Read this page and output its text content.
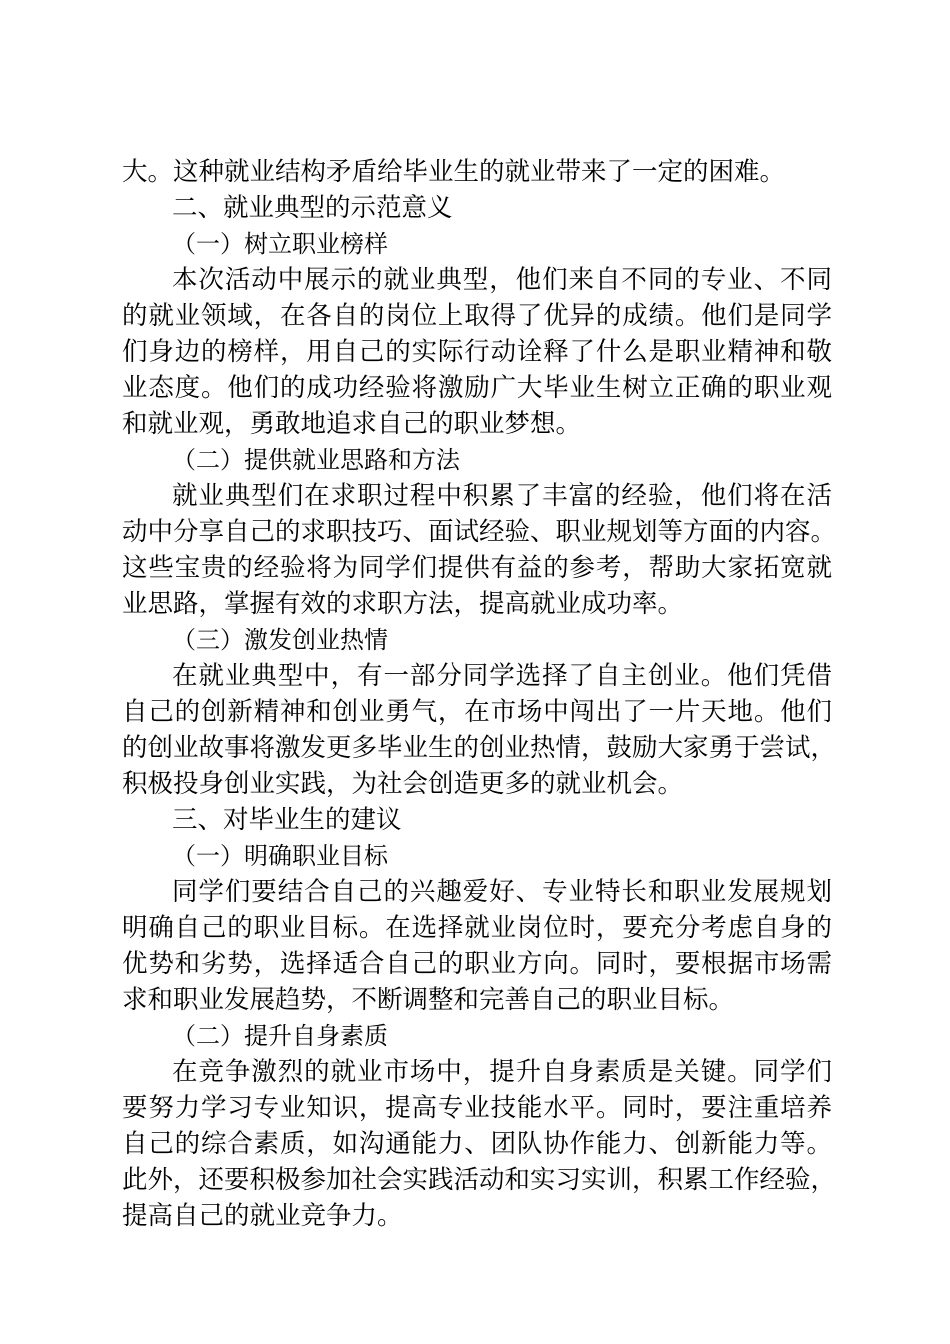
大。这种就业结构矛盾给毕业生的就业带来了一定的困难。
二、就业典型的示范意义
（一）树立职业榜样
本次活动中展示的就业典型，他们来自不同的专业、不同
的就业领域，在各自的岗位上取得了优异的成绩。他们是同学
们身边的榜样，用自己的实际行动诠释了什么是职业精神和敬
业态度。他们的成功经验将激励广大毕业生树立正确的职业观
和就业观，勇敢地追求自己的职业梦想。
（二）提供就业思路和方法
就业典型们在求职过程中积累了丰富的经验，他们将在活
动中分享自己的求职技巧、面试经验、职业规划等方面的内容。
这些宝贵的经验将为同学们提供有益的参考，帮助大家拓宽就
业思路，掌握有效的求职方法，提高就业成功率。
（三）激发创业热情
在就业典型中，有一部分同学选择了自主创业。他们凭借
自己的创新精神和创业勇气，在市场中闯出了一片天地。他们
的创业故事将激发更多毕业生的创业热情，鼓励大家勇于尝试，
积极投身创业实践，为社会创造更多的就业机会。
三、对毕业生的建议
（一）明确职业目标
同学们要结合自己的兴趣爱好、专业特长和职业发展规划
明确自己的职业目标。在选择就业岗位时，要充分考虑自身的
优势和劣势，选择适合自己的职业方向。同时，要根据市场需
求和职业发展趋势，不断调整和完善自己的职业目标。
（二）提升自身素质
在竞争激烈的就业市场中，提升自身素质是关键。同学们
要努力学习专业知识，提高专业技能水平。同时，要注重培养
自己的综合素质，如沟通能力、团队协作能力、创新能力等。
此外，还要积极参加社会实践活动和实习实训，积累工作经验，
提高自己的就业竞争力。
